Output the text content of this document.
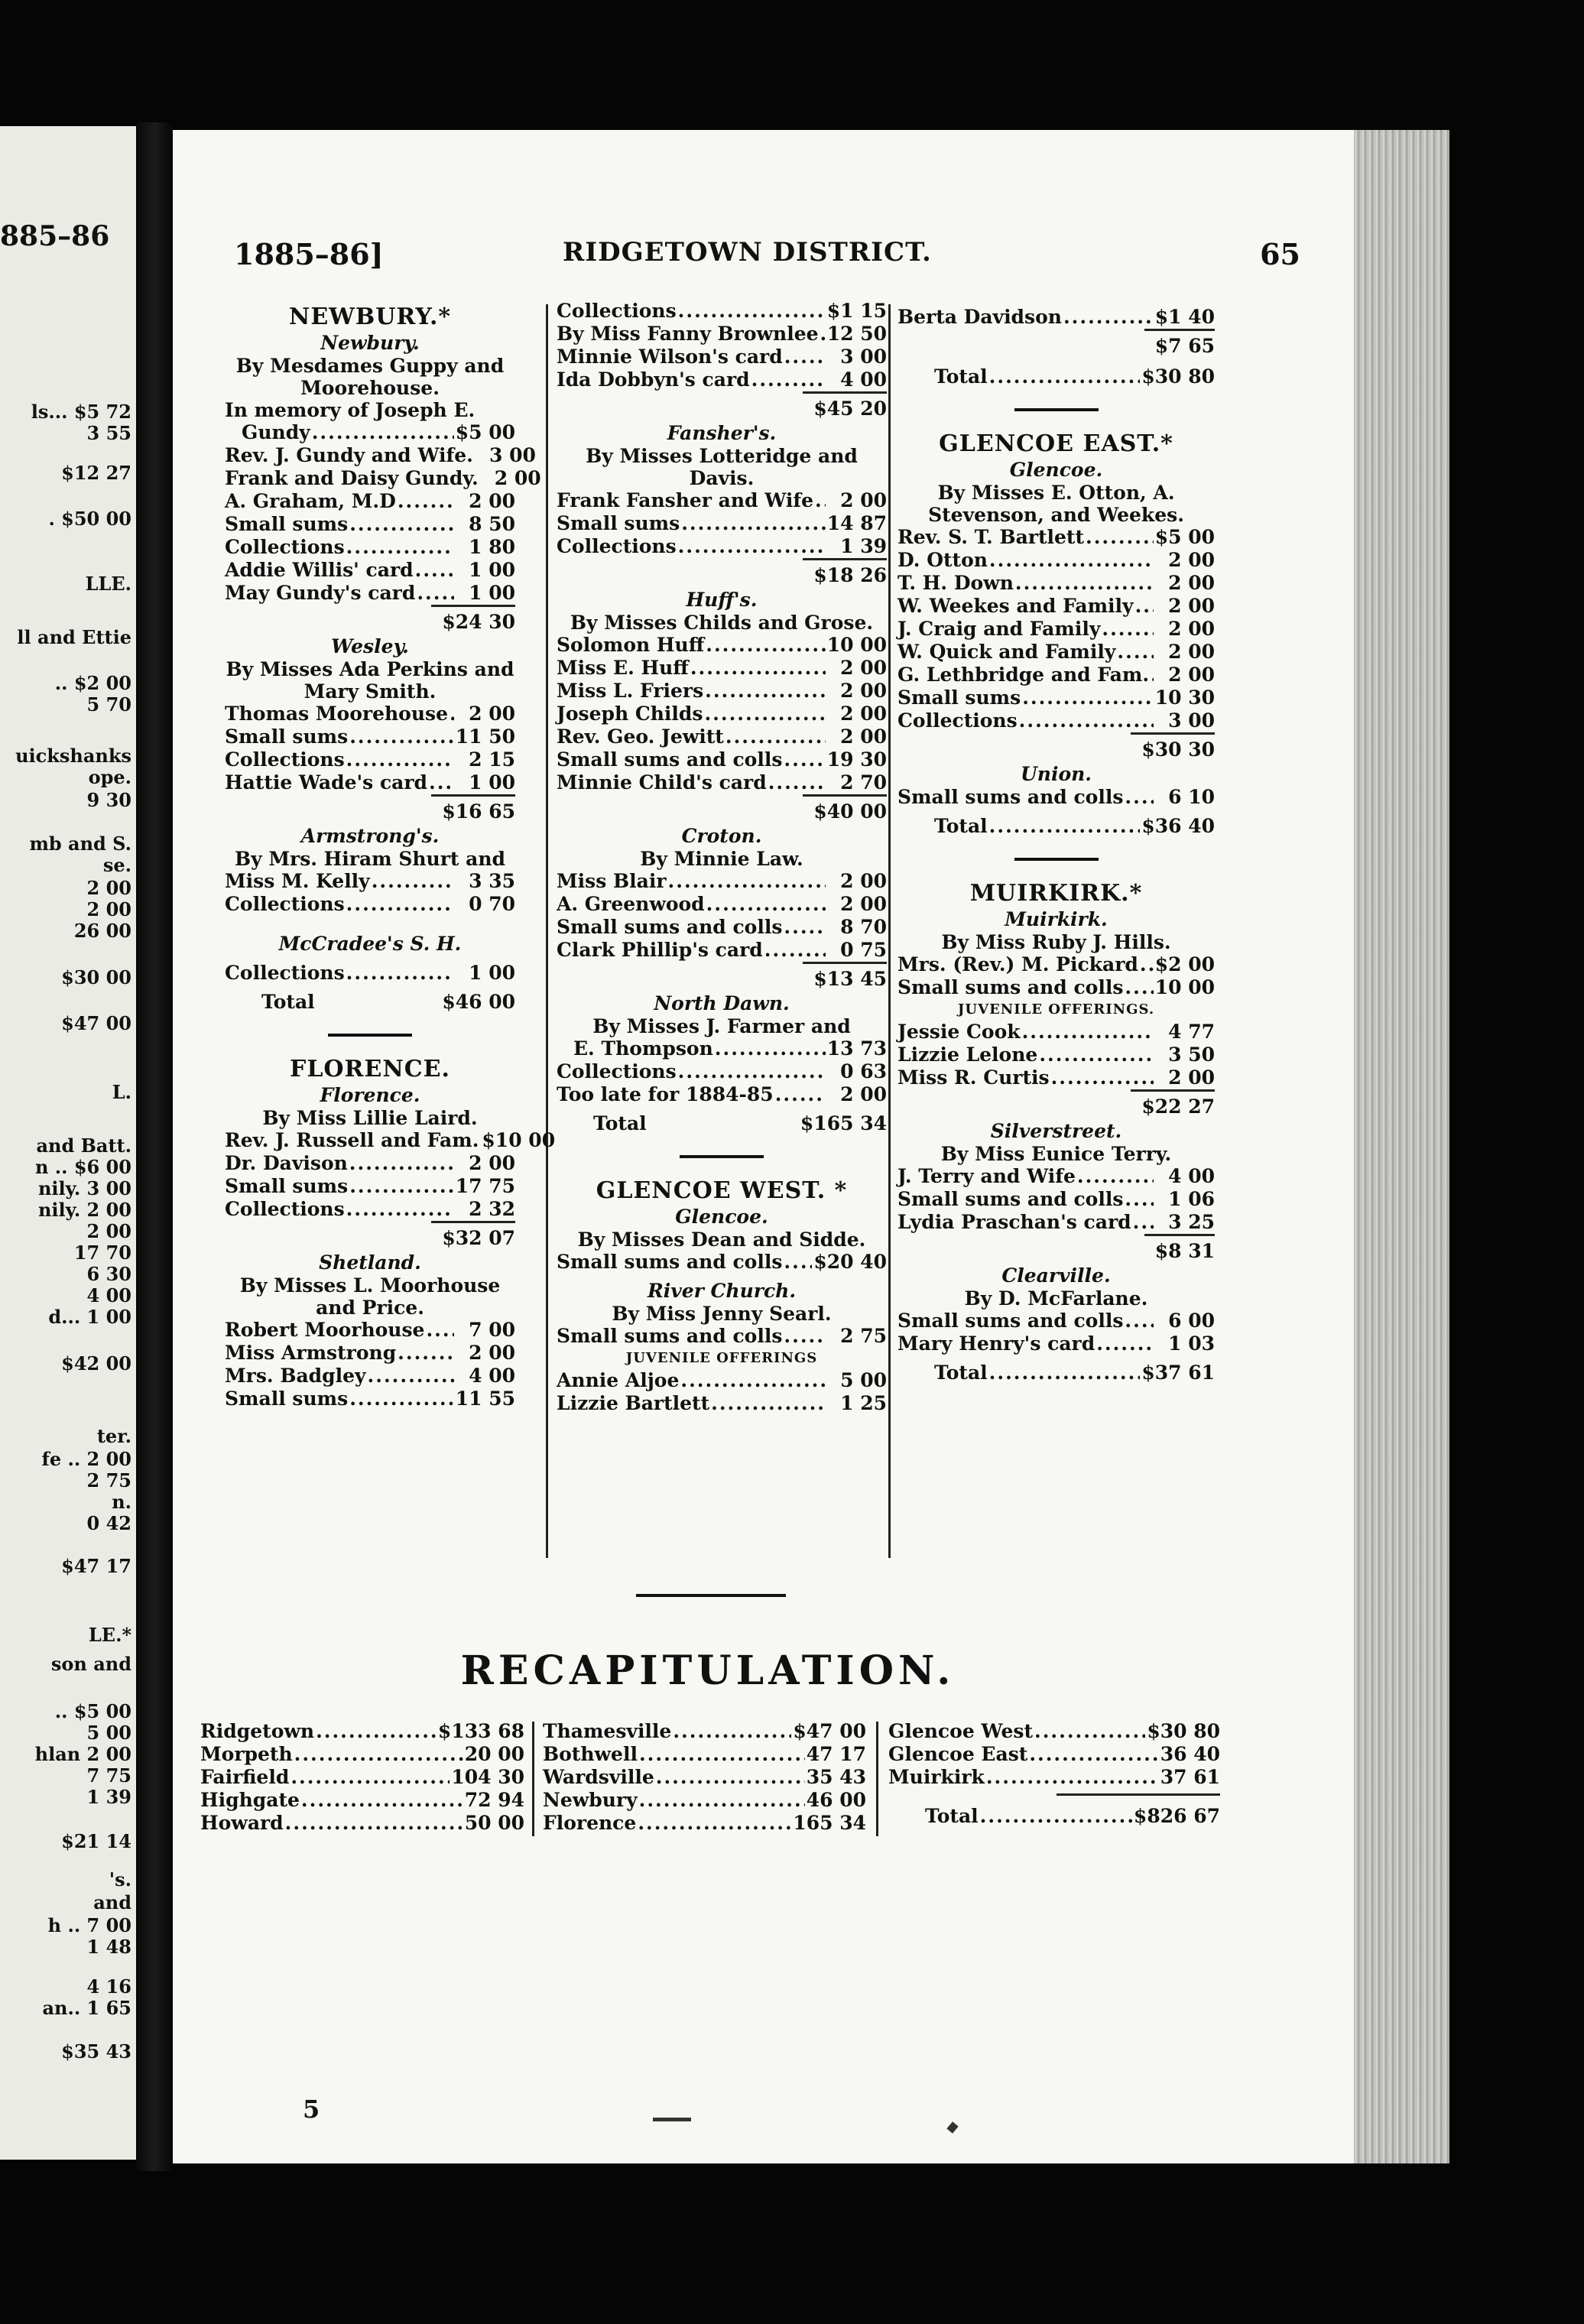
885–86
ls... $5 72
3 55
$12 27
. $50 00
LLE.
ll and Ettie
.. $2 00
5 70
uickshanks
ope.
9 30
mb and S.
se.
2 00
2 00
26 00
$30 00
$47 00
L.
and Batt.
n .. $6 00
nily. 3 00
nily. 2 00
2 00
17 70
6 30
4 00
d... 1 00
$42 00
ter.
fe .. 2 00
2 75
n.
0 42
$47 17
LE.*
son and
.. $5 00
5 00
hlan 2 00
7 75
1 39
$21 14
's.
and
h .. 7 00
1 48
4 16
an.. 1 65
$35 43
1885–86]	RIDGETOWN DISTRICT.	65
NEWBURY.*
Newbury.
By Mesdames Guppy and Moorehouse.
In memory of Joseph E.
Gundy .....	$5 00
Rev. J. Gundy and Wife. 3 00
Frank and Daisy Gundy. 2 00
A. Graham, M.D .....	2 00
Small sums .....	8 50
Collections .....	1 80
Addie Willis' card .....	1 00
May Gundy's card .....	1 00
$24 30
Wesley.
By Misses Ada Perkins and Mary Smith.
Thomas Moorehouse .....	2 00
Small sums .....	11 50
Collections .....	2 15
Hattie Wade's card .....	1 00
$16 65
Armstrong's.
By Mrs. Hiram Shurt and
Miss M. Kelly .....	3 35
Collections .....	0 70
McCradee's S. H.
Collections .....	1 00
Total	$46 00
FLORENCE.
Florence.
By Miss Lillie Laird.
Rev. J. Russell and Fam. $10 00
Dr. Davison .....	2 00
Small sums .....	17 75
Collections .....	2 32
$32 07
Shetland.
By Misses L. Moorhouse and Price.
Robert Moorhouse .....	7 00
Miss Armstrong .....	2 00
Mrs. Badgley .....	4 00
Small sums .....	11 55
Collections .....	$1 15
By Miss Fanny Brownlee ..... 12 50
Minnie Wilson's card .....	3 00
Ida Dobbyn's card .....	4 00
$45 20
Fansher's.
By Misses Lotteridge and Davis.
Frank Fansher and Wife .....	2 00
Small sums .....	14 87
Collections .....	1 39
$18 26
Huff's.
By Misses Childs and Grose.
Solomon Huff .....	10 00
Miss E. Huff .....	2 00
Miss L. Friers .....	2 00
Joseph Childs .....	2 00
Rev. Geo. Jewitt .....	2 00
Small sums and colls ..... 19 30
Minnie Child's card .....	2 70
$40 00
Croton.
By Minnie Law.
Miss Blair .....	2 00
A. Greenwood .....	2 00
Small sums and colls .....	8 70
Clark Phillip's card .....	0 75
$13 45
North Dawn.
By Misses J. Farmer and
E. Thompson .....	13 73
Collections .....	0 63
Too late for 1884-85 .....	2 00
Total	$165 34
GLENCOE WEST. *
Glencoe.
By Misses Dean and Sidde.
Small sums and colls ..... $20 40
River Church.
By Miss Jenny Searl.
Small sums and colls .....	2 75
JUVENILE OFFERINGS
Annie Aljoe .....	5 00
Lizzie Bartlett .....	1 25
Berta Davidson .....	$1 40
$7 65
Total .....	$30 80
GLENCOE EAST.*
Glencoe.
By Misses E. Otton, A. Stevenson, and Weekes.
Rev. S. T. Bartlett .....	$5 00
D. Otton .....	2 00
T. H. Down .....	2 00
W. Weekes and Family .....	2 00
J. Craig and Family .....	2 00
W. Quick and Family .....	2 00
G. Lethbridge and Fam. .....	2 00
Small sums .....	10 30
Collections .....	3 00
$30 30
Union.
Small sums and colls .....	6 10
Total .....	$36 40
MUIRKIRK.*
Muirkirk.
By Miss Ruby J. Hills.
Mrs. (Rev.) M. Pickard ..... $2 00
Small sums and colls ..... 10 00
JUVENILE OFFERINGS.
Jessie Cook .....	4 77
Lizzie Lelone .....	3 50
Miss R. Curtis .....	2 00
$22 27
Silverstreet.
By Miss Eunice Terry.
J. Terry and Wife .....	4 00
Small sums and colls .....	1 06
Lydia Praschan's card .....	3 25
$8 31
Clearville.
By D. McFarlane.
Small sums and colls .....	6 00
Mary Henry's card .....	1 03
Total .....	$37 61
RECAPITULATION.
Ridgetown .....	$133 68
Morpeth .....	20 00
Fairfield .....	104 30
Highgate .....	72 94
Howard .....	50 00
Thamesville .....	$47 00
Bothwell .....	47 17
Wardsville .....	35 43
Newbury .....	46 00
Florence .....	165 34
Glencoe West .....	$30 80
Glencoe East .....	36 40
Muirkirk .....	37 61
Total .....	$826 67
5
